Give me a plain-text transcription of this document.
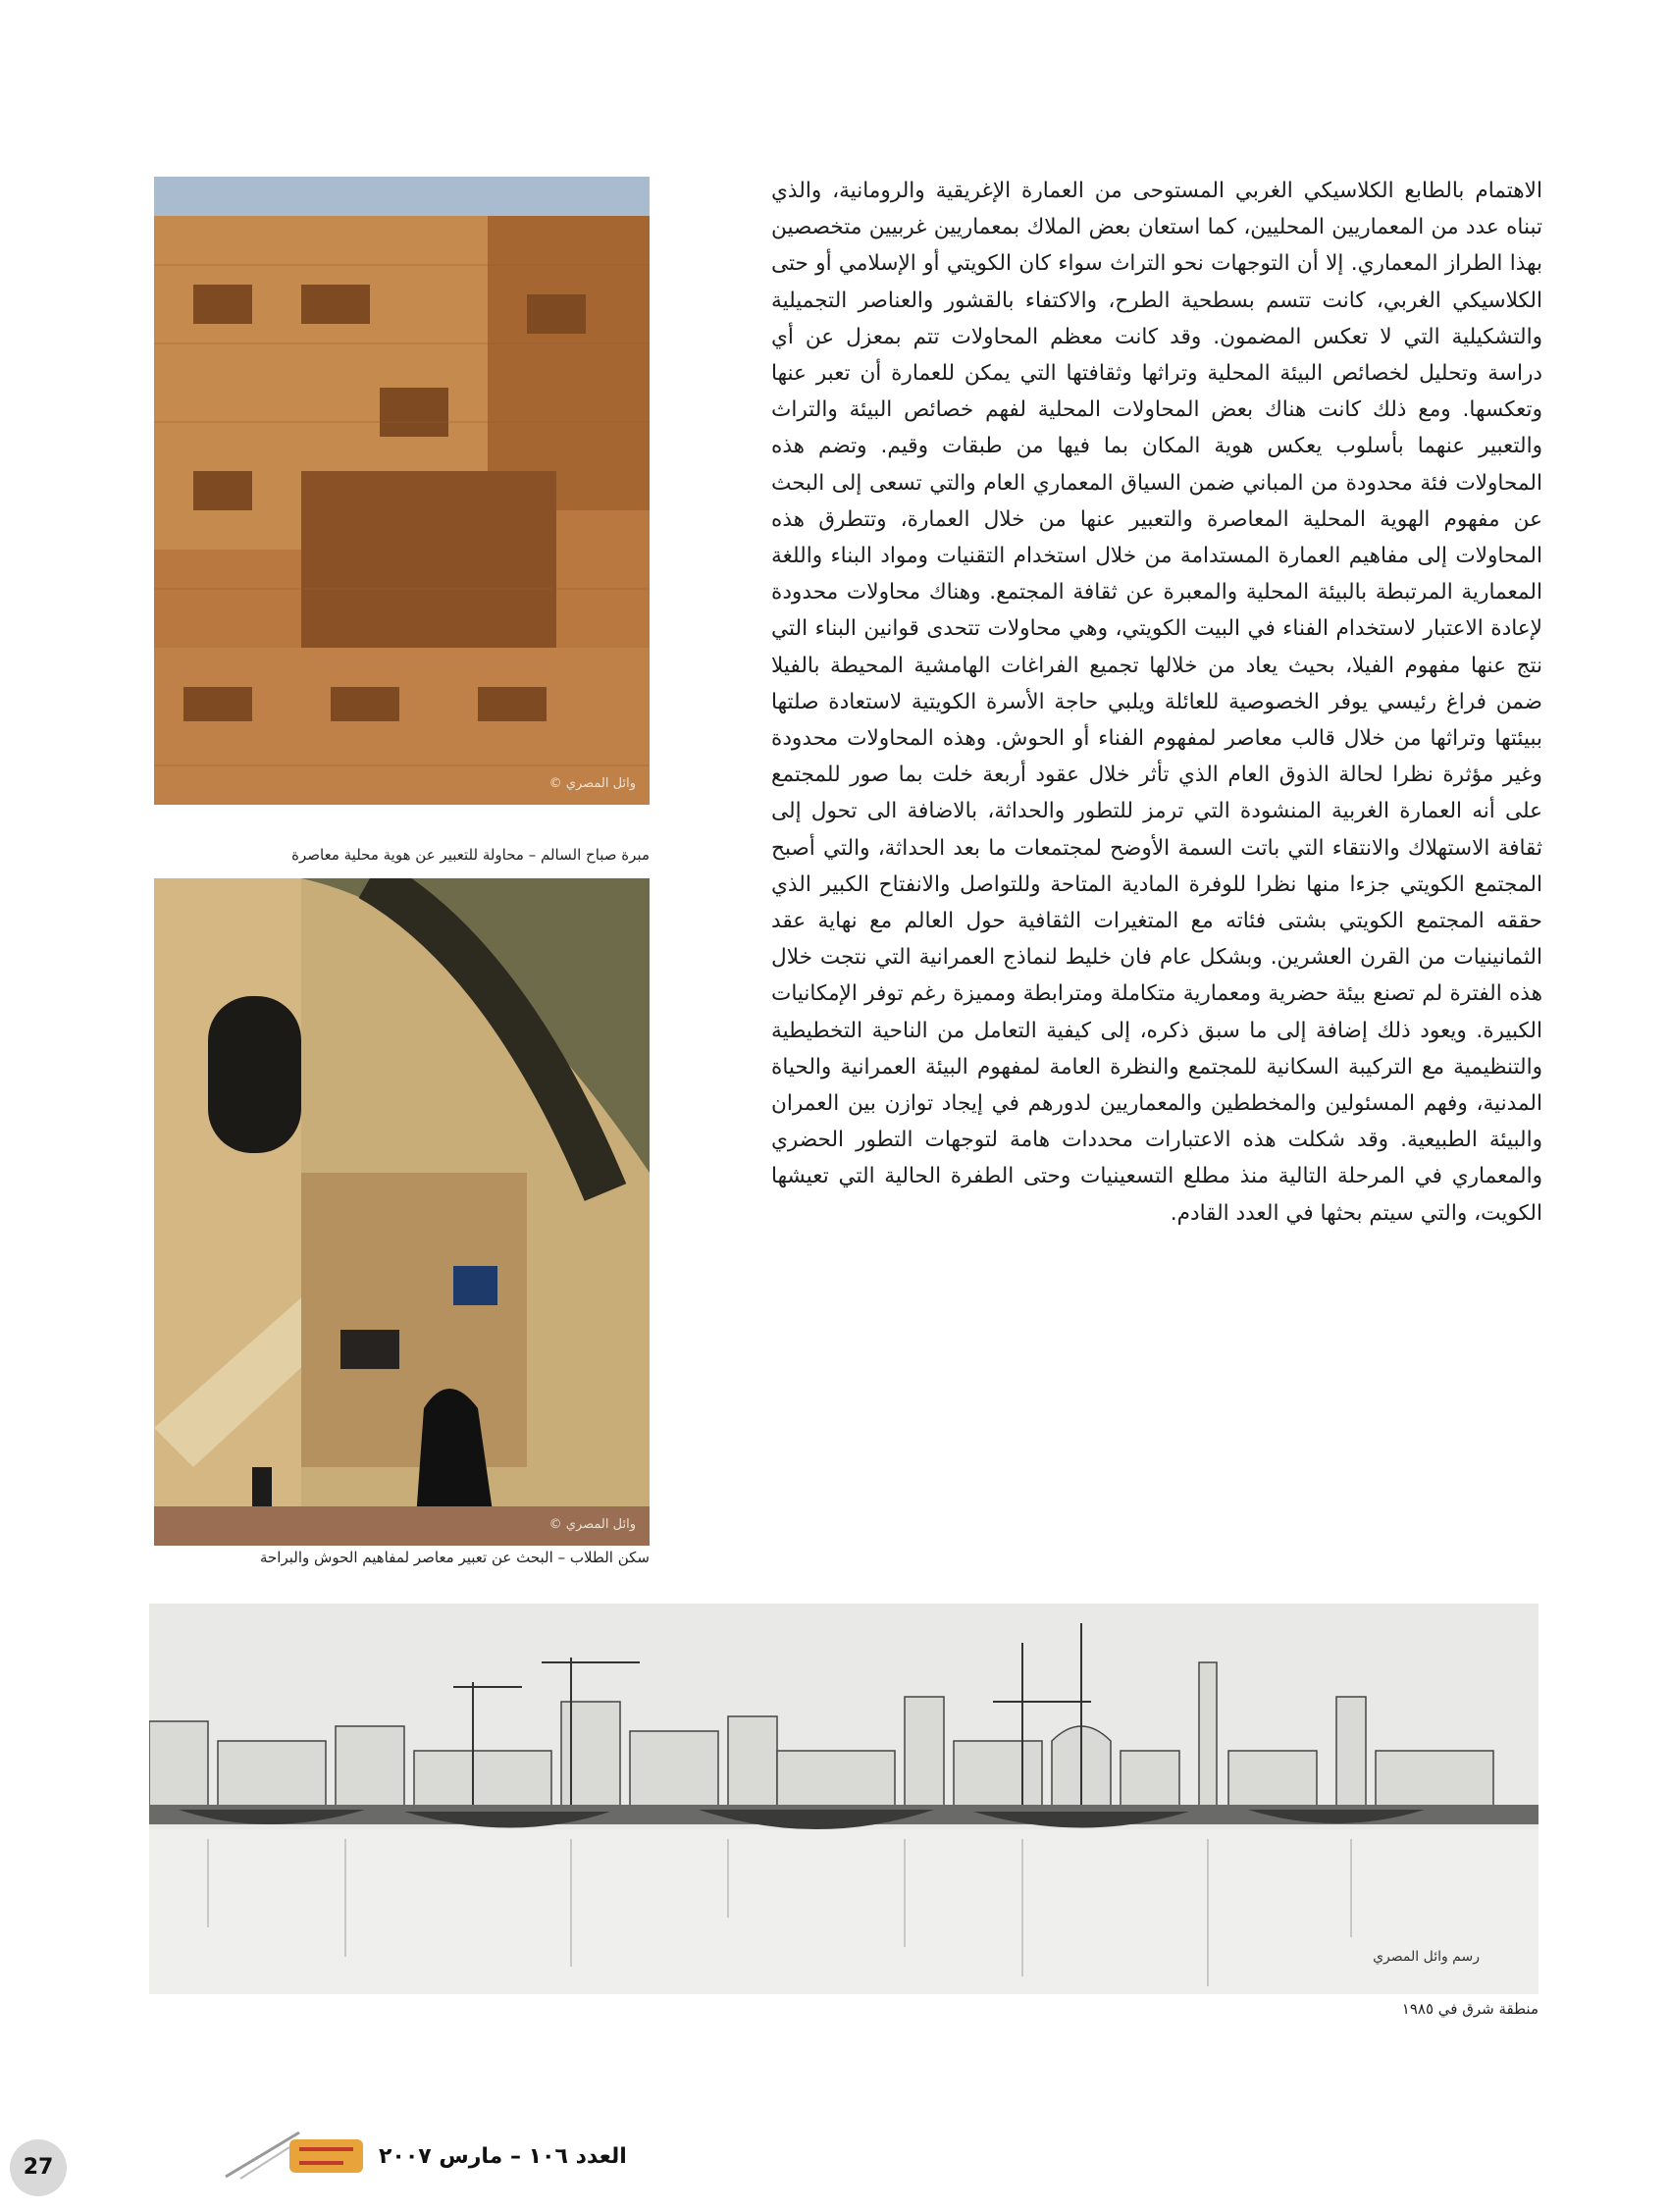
© وائل المصري
مبرة صباح السالم – محاولة للتعبير عن هوية محلية معاصرة
© وائل المصري
سكن الطلاب – البحث عن تعبير معاصر لمفاهيم الحوش والبراحة

الاهتمام بالطابع الكلاسيكي الغربي المستوحى من العمارة الإغريقية والرومانية، والذي تبناه عدد من المعماريين المحليين، كما استعان بعض الملاك بمعماريين غربيين متخصصين بهذا الطراز المعماري. إلا أن التوجهات نحو التراث سواء كان الكويتي أو الإسلامي أو حتى الكلاسيكي الغربي، كانت تتسم بسطحية الطرح، والاكتفاء بالقشور والعناصر التجميلية والتشكيلية التي لا تعكس المضمون. وقد كانت معظم المحاولات تتم بمعزل عن أي دراسة وتحليل لخصائص البيئة المحلية وتراثها وثقافتها التي يمكن للعمارة أن تعبر عنها وتعكسها. ومع ذلك كانت هناك بعض المحاولات المحلية لفهم خصائص البيئة والتراث والتعبير عنهما بأسلوب يعكس هوية المكان بما فيها من طبقات وقيم. وتضم هذه المحاولات فئة محدودة من المباني ضمن السياق المعماري العام والتي تسعى إلى البحث عن مفهوم الهوية المحلية المعاصرة والتعبير عنها من خلال العمارة، وتتطرق هذه المحاولات إلى مفاهيم العمارة المستدامة من خلال استخدام التقنيات ومواد البناء واللغة المعمارية المرتبطة بالبيئة المحلية والمعبرة عن ثقافة المجتمع. وهناك محاولات محدودة لإعادة الاعتبار لاستخدام الفناء في البيت الكويتي، وهي محاولات تتحدى قوانين البناء التي نتج عنها مفهوم الفيلا، بحيث يعاد من خلالها تجميع الفراغات الهامشية المحيطة بالفيلا ضمن فراغ رئيسي يوفر الخصوصية للعائلة ويلبي حاجة الأسرة الكويتية لاستعادة صلتها ببيئتها وتراثها من خلال قالب معاصر لمفهوم الفناء أو الحوش. وهذه المحاولات محدودة وغير مؤثرة نظرا لحالة الذوق العام الذي تأثر خلال عقود أربعة خلت بما صور للمجتمع على أنه العمارة الغربية المنشودة التي ترمز للتطور والحداثة، بالاضافة الى تحول إلى ثقافة الاستهلاك والانتقاء التي باتت السمة الأوضح لمجتمعات ما بعد الحداثة، والتي أصبح المجتمع الكويتي جزءا منها نظرا للوفرة المادية المتاحة وللتواصل والانفتاح الكبير الذي حققه المجتمع الكويتي بشتى فئاته مع المتغيرات الثقافية حول العالم مع نهاية عقد الثمانينيات من القرن العشرين. وبشكل عام فان خليط لنماذج العمرانية التي نتجت خلال هذه الفترة لم تصنع بيئة حضرية ومعمارية متكاملة ومترابطة ومميزة رغم توفر الإمكانيات الكبيرة. ويعود ذلك إضافة إلى ما سبق ذكره، إلى كيفية التعامل من الناحية التخطيطية والتنظيمية مع التركيبة السكانية للمجتمع والنظرة العامة لمفهوم البيئة العمرانية والحياة المدنية، وفهم المسئولين والمخططين والمعماريين لدورهم في إيجاد توازن بين العمران والبيئة الطبيعية. وقد شكلت هذه الاعتبارات محددات هامة لتوجهات التطور الحضري والمعماري في المرحلة التالية منذ مطلع التسعينيات وحتى الطفرة الحالية التي تعيشها الكويت، والتي سيتم بحثها في العدد القادم.

رسم وائل المصري
منطقة شرق في ١٩٨٥
27	العدد ١٠٦ – مارس ٢٠٠٧
